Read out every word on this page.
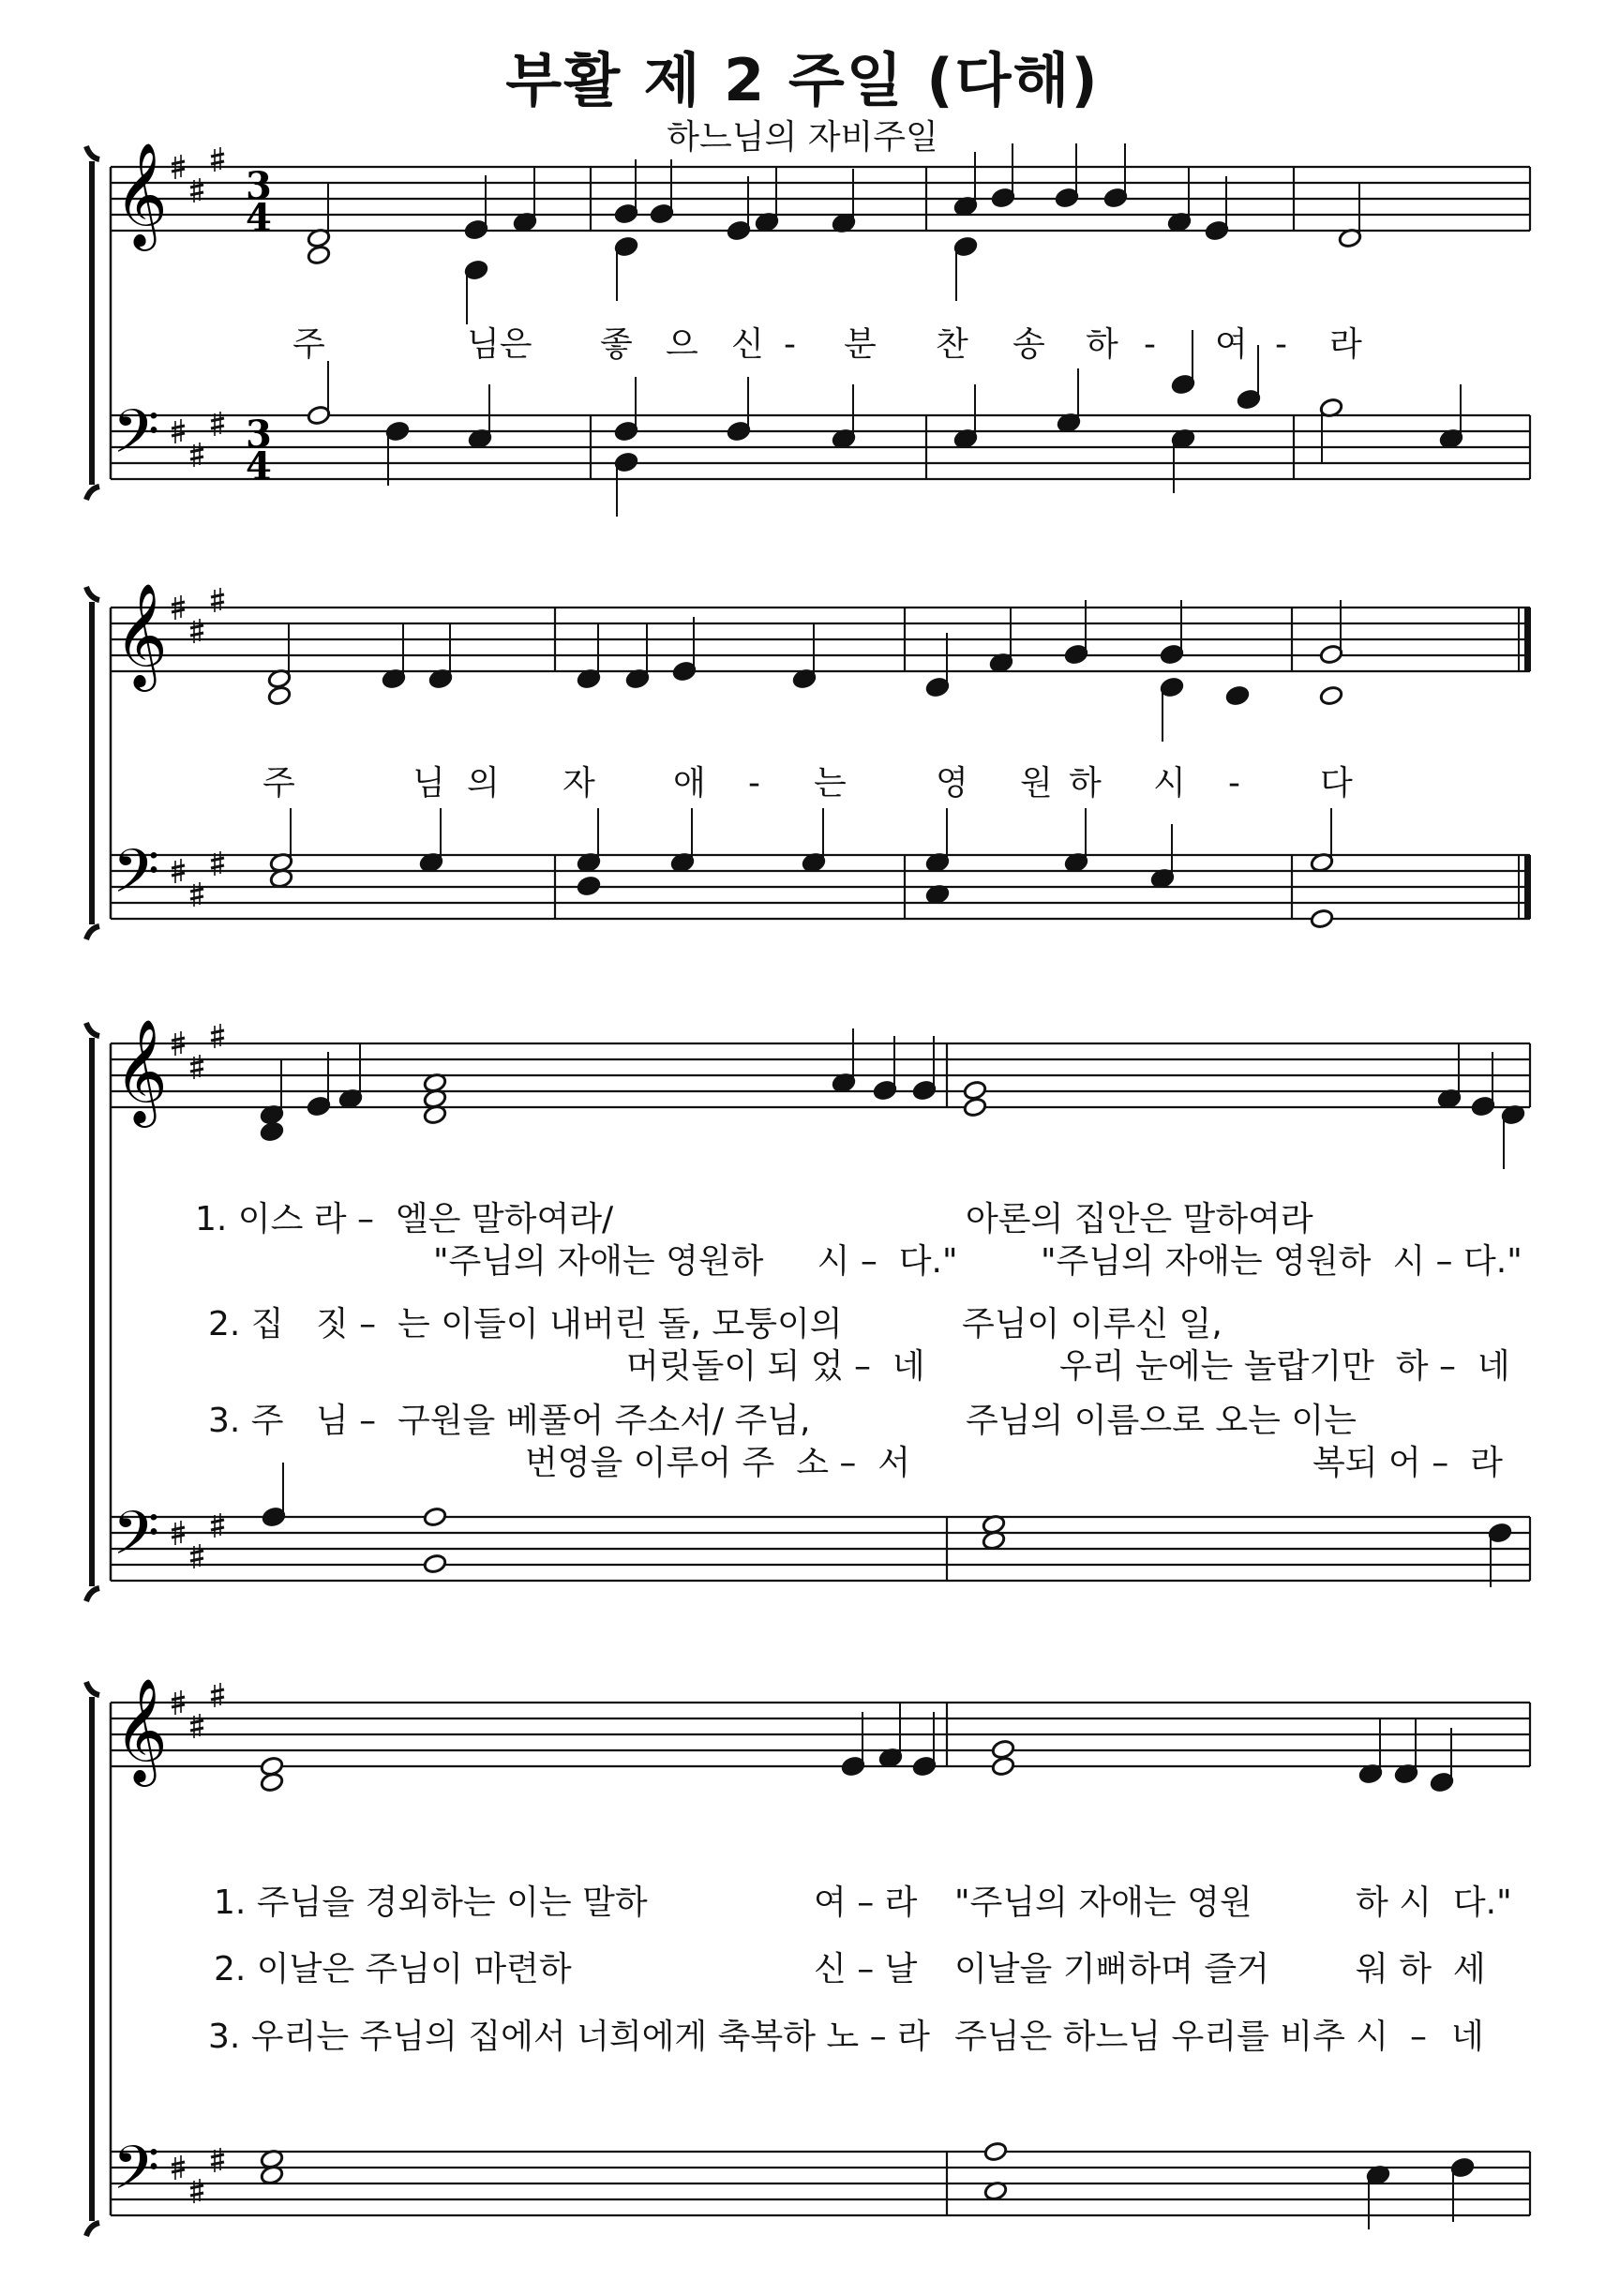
𝄞
𝄢
3
4
3
4
𝄞
𝄢
𝄞
𝄢
𝄞
𝄢
부활 제 2 주일 (다해)
하느님의 자비주일
주	님은 좋 으 신 - 분 찬 송 하 - 여 - 라
주	님 의 자 애 - 는	영 원 하 시 - 다
1. 이스 라 –  엘은 말하여라/	아론의 집안은 말하여라
"주님의 자애는 영원하     시 –  다." "주님의 자애는 영원하  시 – 다."
2. 집   짓 –  는 이들이 내버린 돌, 모퉁이의	주님이 이루신 일,
머릿돌이 되 었 –  네	우리 눈에는 놀랍기만  하 –  네
3. 주   님 –  구원을 베풀어 주소서/ 주님,	주님의 이름으로 오는 이는
번영을 이루어 주  소 –  서	복되 어 –  라
1. 주님을 경외하는 이는 말하	여 – 라 "주님의 자애는 영원	하 시  다."
2. 이날은 주님이 마련하	신 – 날 이날을 기뻐하며 즐거	워 하  세
3. 우리는 주님의 집에서 너희에게 축복하 노 – 라 주님은 하느님 우리를 비추 시  – 네
